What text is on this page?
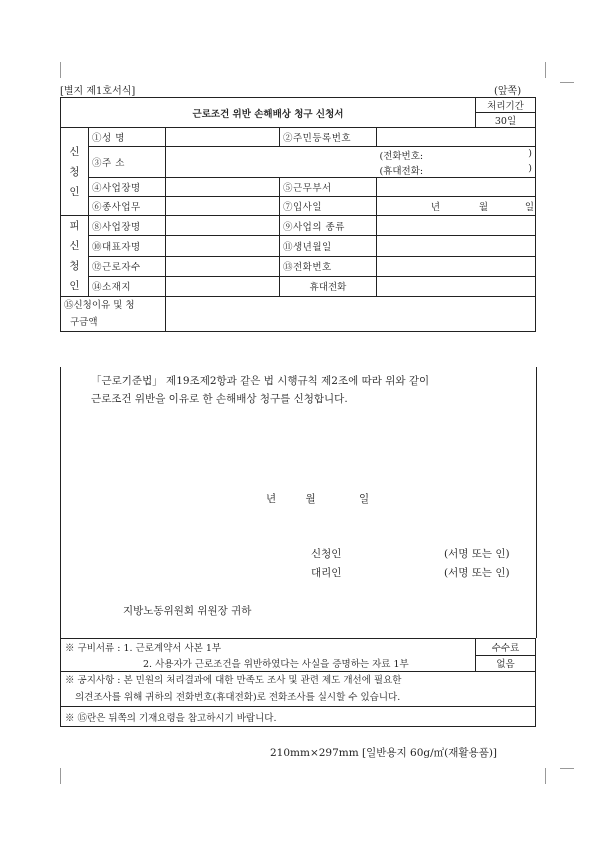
[별지 제1호서식]	(앞쪽)
근로조건 위반 손해배상 청구 신청서					처리기간
					30일

신
청
인	①성 명		②주민등록번호		
	③주 소			(전화번호: )	

				(휴대전화: )	

	④사업장명		⑤근무부서		
	⑥종사업무		⑦입사일	년 월 일	

피
신
청
인	⑧사업장명		⑨사업의 종류		
	⑩대표자명		⑪생년월일		
	⑫근로자수		⑬전화번호		
	⑭소재지		휴대전화		

⑮신청이유 및 청
구금액					

「근로기준법」 제19조제2항과 같은 법 시행규칙 제2조에 따라 위와 같이
근로조건 위반을 이유로 한 손해배상 청구를 신청합니다.
년	월	일
신청인	(서명 또는 인)
대리인	(서명 또는 인)
지방노동위원회 위원장 귀하
※ 구비서류 : 1. 근로계약서 사본 1부	수수료
2. 사용자가 근로조건을 위반하였다는 사실을 증명하는 자료 1부	없음

※ 공지사항 : 본 민원의 처리결과에 대한 만족도 조사 및 관련 제도 개선에 필요한
의견조사를 위해 귀하의 전화번호(휴대전화)로 전화조사를 실시할 수 있습니다.	

※ ⑮란은 뒤쪽의 기재요령을 참고하시기 바랍니다.	
210mm×297mm [일반용지 60g/㎡(재활용품)]
